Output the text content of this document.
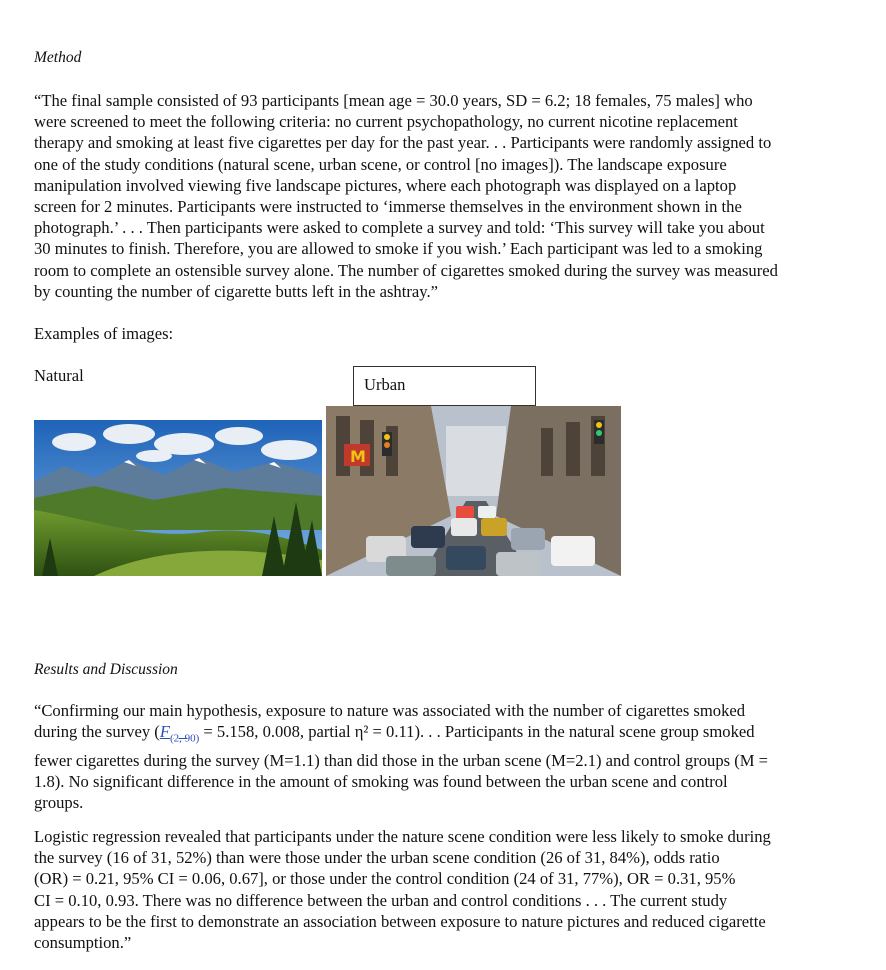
Method
“The final sample consisted of 93 participants [mean age = 30.0 years, SD = 6.2; 18 females, 75 males] who
were screened to meet the following criteria: no current psychopathology, no current nicotine replacement
therapy and smoking at least five cigarettes per day for the past year. . . Participants were randomly assigned to
one of the study conditions (natural scene, urban scene, or control [no images]). The landscape exposure
manipulation involved viewing five landscape pictures, where each photograph was displayed on a laptop
screen for 2 minutes. Participants were instructed to ‘immerse themselves in the environment shown in the
photograph.’ . . . Then participants were asked to complete a survey and told: ‘This survey will take you about
30 minutes to finish. Therefore, you are allowed to smoke if you wish.’ Each participant was led to a smoking
room to complete an ostensible survey alone. The number of cigarettes smoked during the survey was measured
by counting the number of cigarette butts left in the ashtray.”
Examples of images:
Natural	Urban
M
Results and Discussion
“Confirming our main hypothesis, exposure to nature was associated with the number of cigarettes smoked
during the survey ($F_{(2, 90)} = 5.158$, 0.008, partial η² = 0.11). . . Participants in the natural scene group smoked
fewer cigarettes during the survey (M=1.1) than did those in the urban scene (M=2.1) and control groups (M =
1.8). No significant difference in the amount of smoking was found between the urban scene and control
groups.
Logistic regression revealed that participants under the nature scene condition were less likely to smoke during
the survey (16 of 31, 52%) than were those under the urban scene condition (26 of 31, 84%), odds ratio
(OR) = 0.21, 95% CI = 0.06, 0.67], or those under the control condition (24 of 31, 77%), OR = 0.31, 95%
CI = 0.10, 0.93. There was no difference between the urban and control conditions . . . The current study
appears to be the first to demonstrate an association between exposure to nature pictures and reduced cigarette
consumption.”
